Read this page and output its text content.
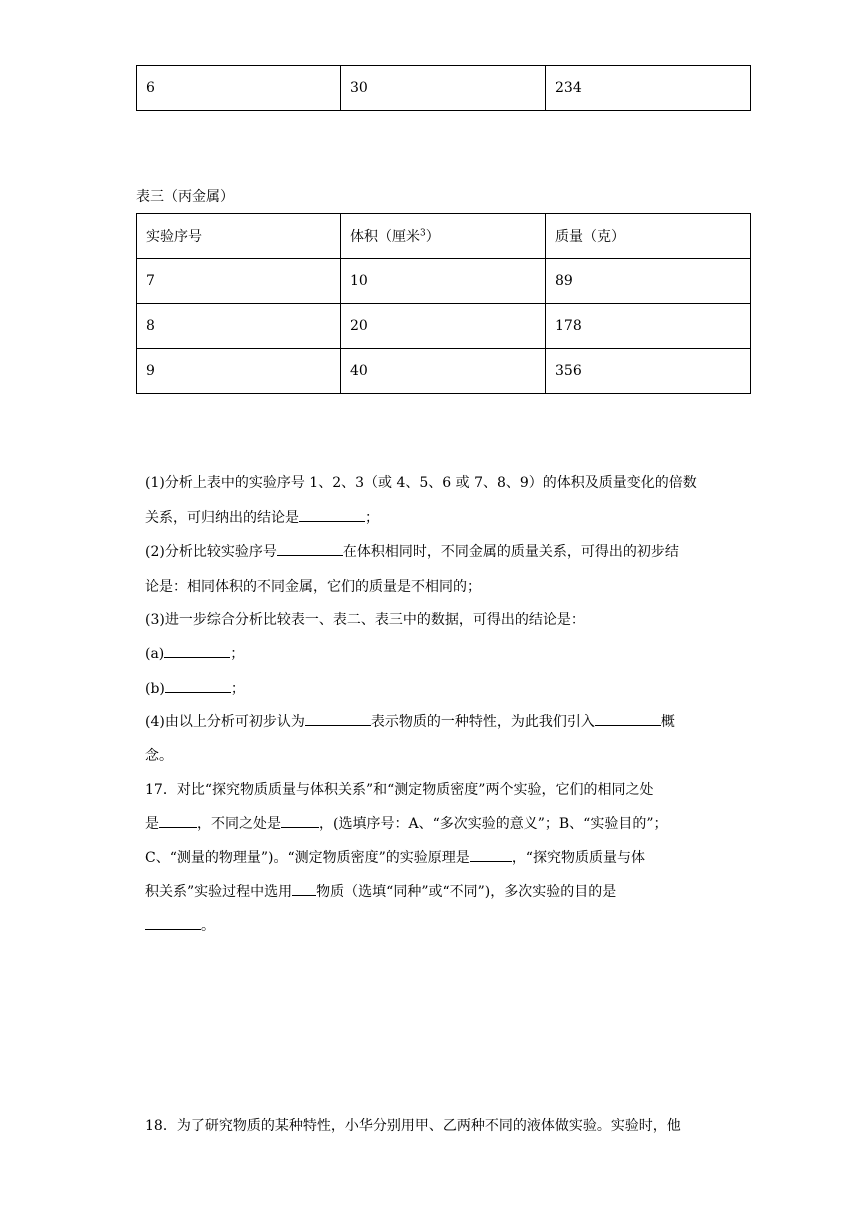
6	30	234
表三（丙金属）
实验序号	体积（厘米$^3$）	质量（克）
7	10	89
8	20	178
9	40	356
(1)分析上表中的实验序号 1、2、3（或 4、5、6 或 7、8、9）的体积及质量变化的倍数
关系，可归纳出的结论是	；
(2)分析比较实验序号	在体积相同时，不同金属的质量关系，可得出的初步结
论是：相同体积的不同金属，它们的质量是不相同的；
(3)进一步综合分析比较表一、表二、表三中的数据，可得出的结论是：
(a)	；
(b)	；
(4)由以上分析可初步认为	表示物质的一种特性，为此我们引入	概
念。
17．对比“探究物质质量与体积关系”和“测定物质密度”两个实验，它们的相同之处
是	，不同之处是	，(选填序号：A、“多次实验的意义”；B、“实验目的”；
C、“测量的物理量”)。“测定物质密度”的实验原理是	，“探究物质质量与体
积关系”实验过程中选用 物质（选填“同种”或“不同”)，多次实验的目的是
。
18．为了研究物质的某种特性，小华分别用甲、乙两种不同的液体做实验。实验时，他
